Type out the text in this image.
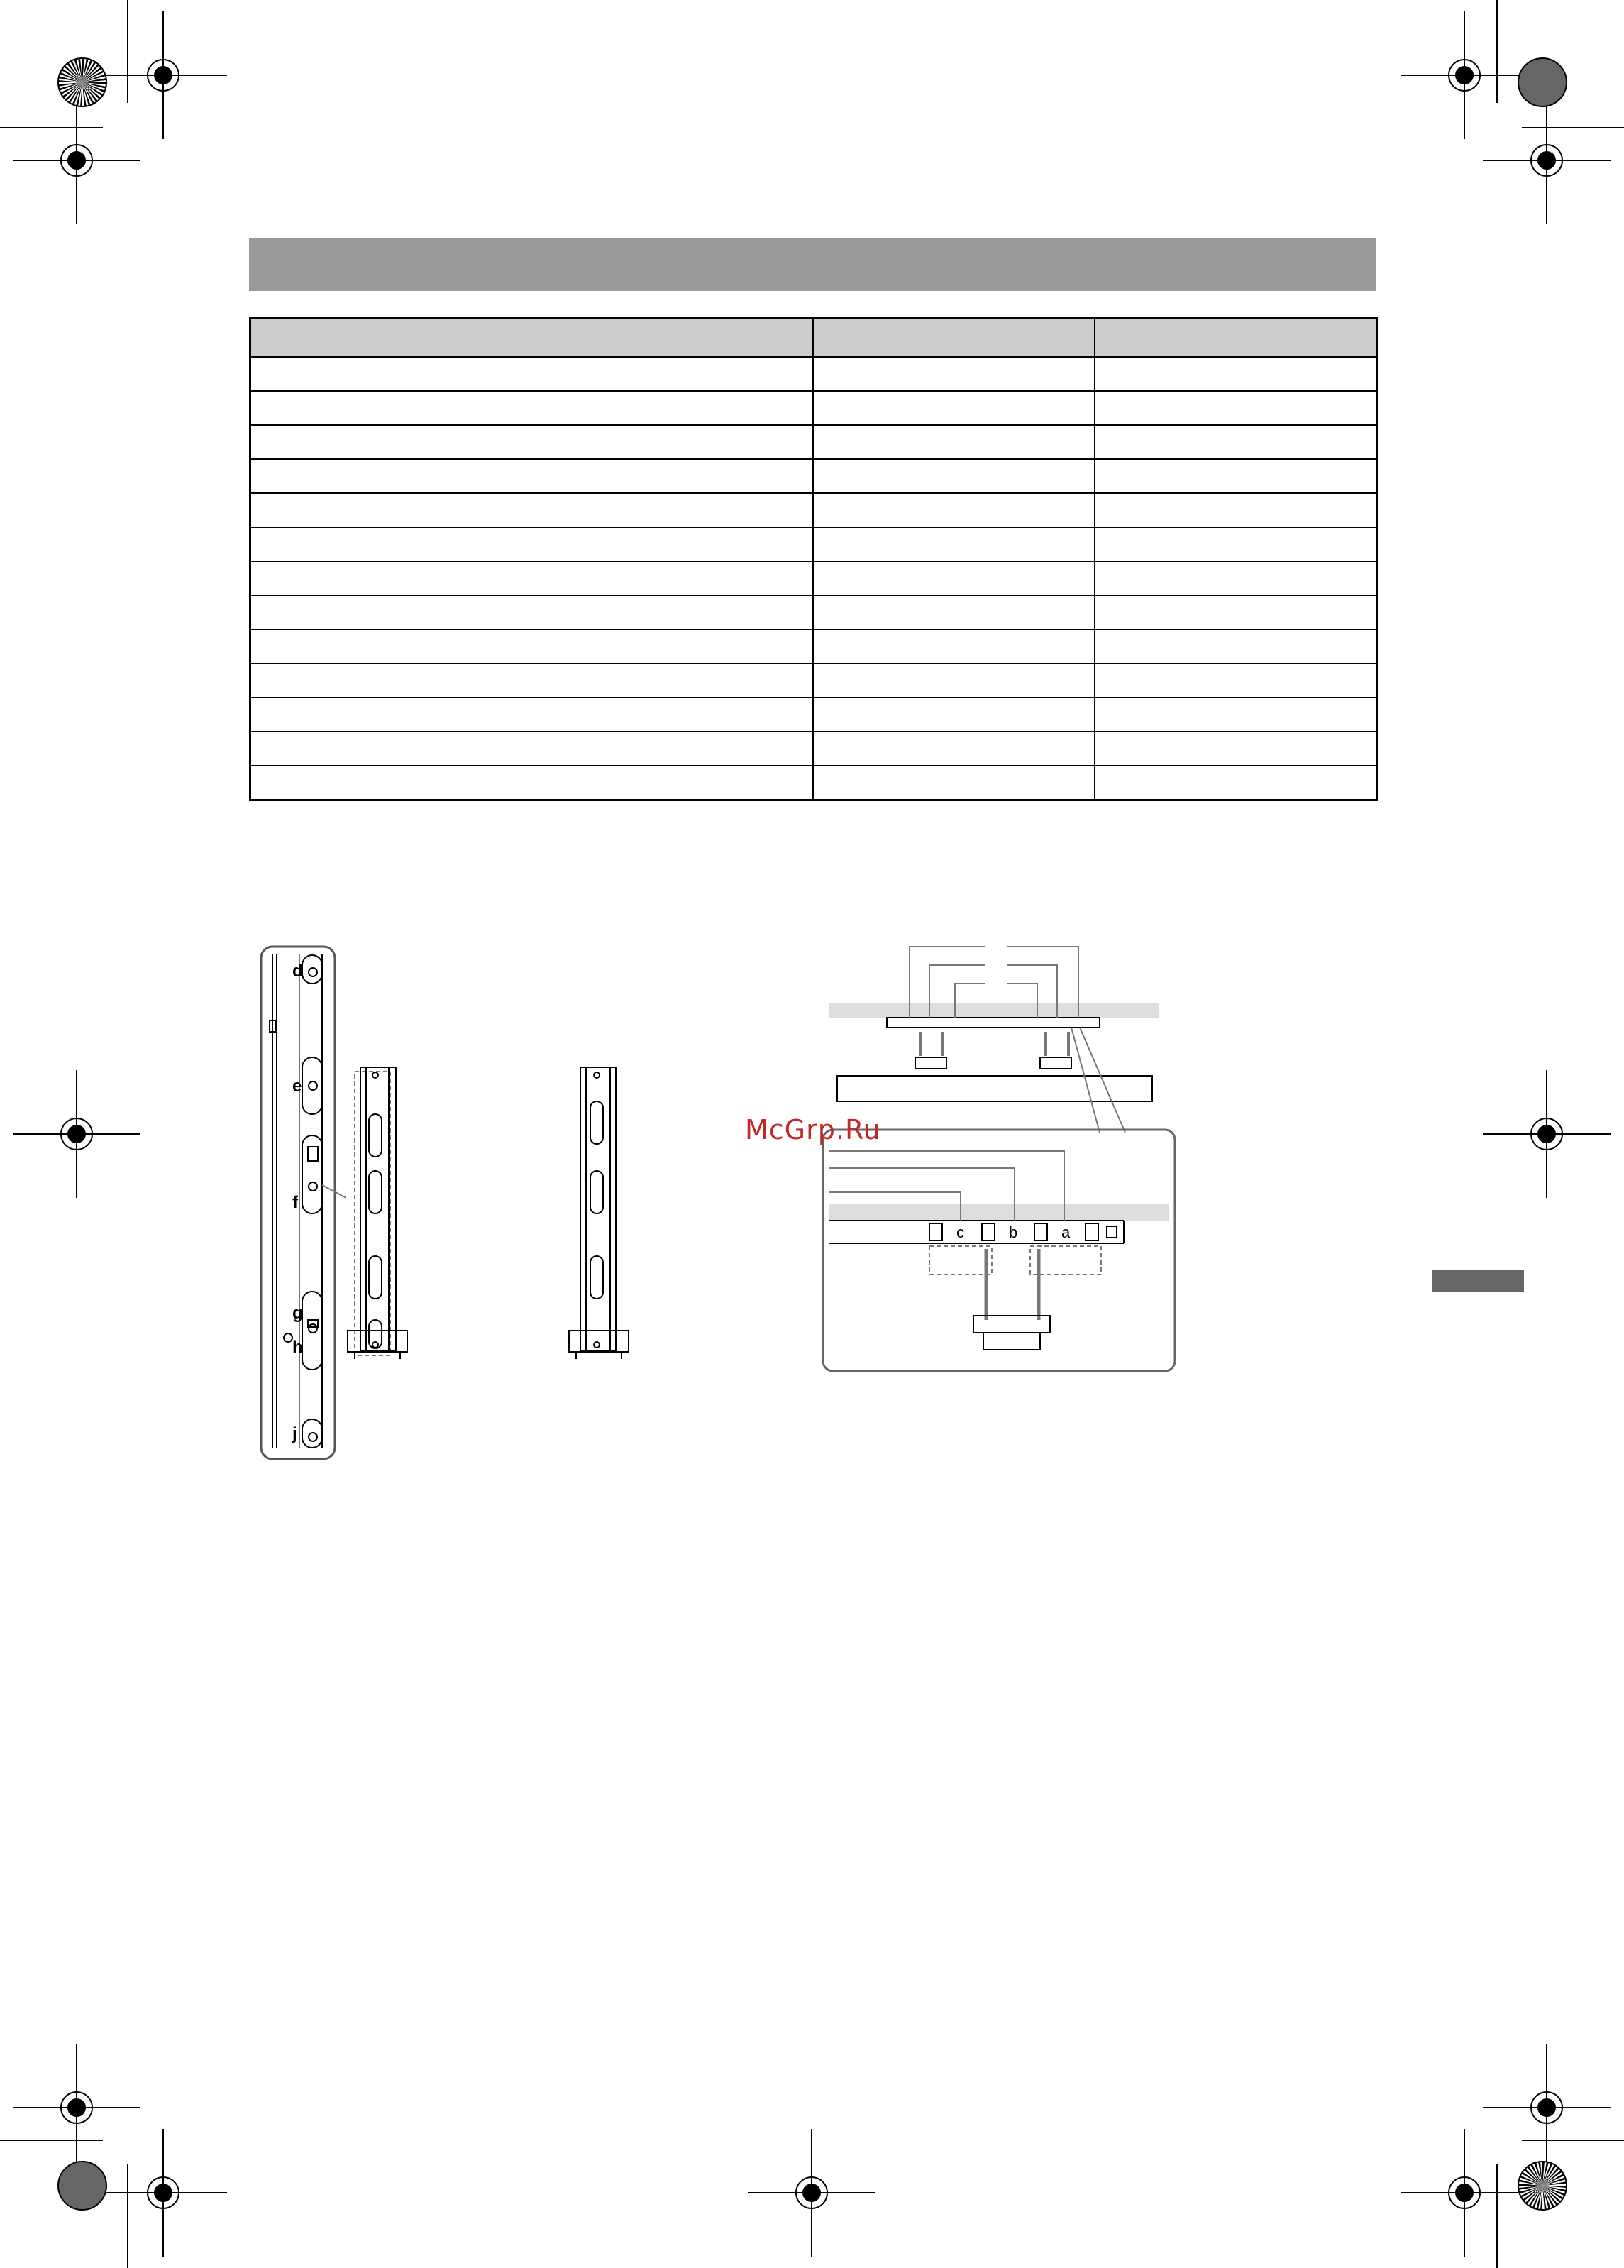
d
e
f
g
h
j
c	b	a
McGrp.Ru
